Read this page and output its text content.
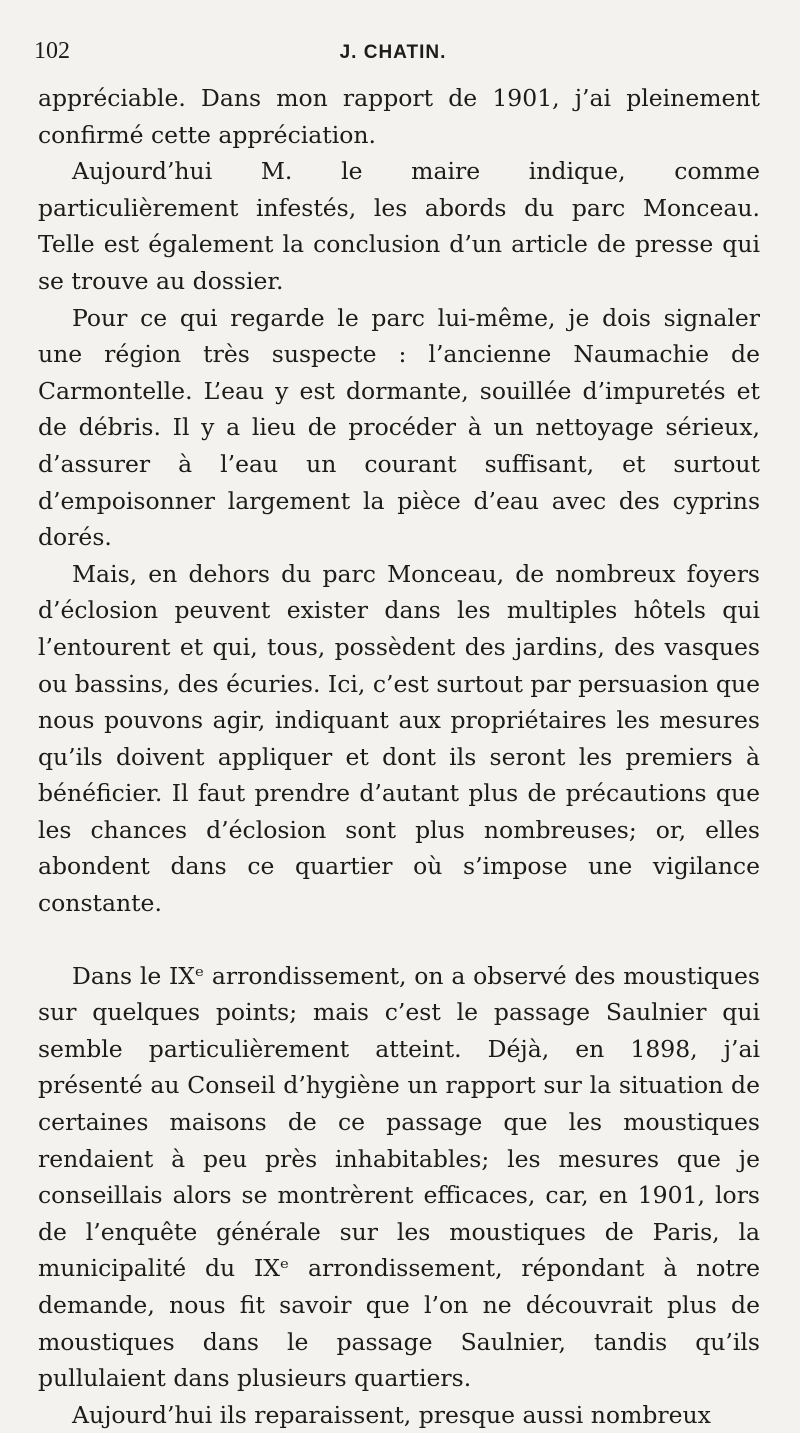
102	J. CHATIN.

appréciable. Dans mon rapport de 1901, j’ai pleinement confirmé cette appréciation.

Aujourd’hui M. le maire indique, comme particulièrement infestés, les abords du parc Monceau. Telle est également la conclusion d’un article de presse qui se trouve au dossier.

Pour ce qui regarde le parc lui-même, je dois signaler une région très suspecte : l’ancienne Naumachie de Carmontelle. L’eau y est dormante, souillée d’impuretés et de débris. Il y a lieu de procéder à un nettoyage sérieux, d’assurer à l’eau un courant suffisant, et surtout d’empoisonner largement la pièce d’eau avec des cyprins dorés.

Mais, en dehors du parc Monceau, de nombreux foyers d’éclosion peuvent exister dans les multiples hôtels qui l’entourent et qui, tous, possèdent des jardins, des vasques ou bassins, des écuries. Ici, c’est surtout par persuasion que nous pouvons agir, indiquant aux propriétaires les mesures qu’ils doivent appliquer et dont ils seront les premiers à bénéficier. Il faut prendre d’autant plus de précautions que les chances d’éclosion sont plus nombreuses; or, elles abondent dans ce quartier où s’impose une vigilance constante.

Dans le IXᵉ arrondissement, on a observé des moustiques sur quelques points; mais c’est le passage Saulnier qui semble particulièrement atteint. Déjà, en 1898, j’ai présenté au Conseil d’hygiène un rapport sur la situation de certaines maisons de ce passage que les moustiques rendaient à peu près inhabitables; les mesures que je conseillais alors se montrèrent efficaces, car, en 1901, lors de l’enquête générale sur les moustiques de Paris, la municipalité du IXᵉ arrondissement, répondant à notre demande, nous fit savoir que l’on ne découvrait plus de moustiques dans le passage Saulnier, tandis qu’ils pullulaient dans plusieurs quartiers.

Aujourd’hui ils reparaissent, presque aussi nombreux
